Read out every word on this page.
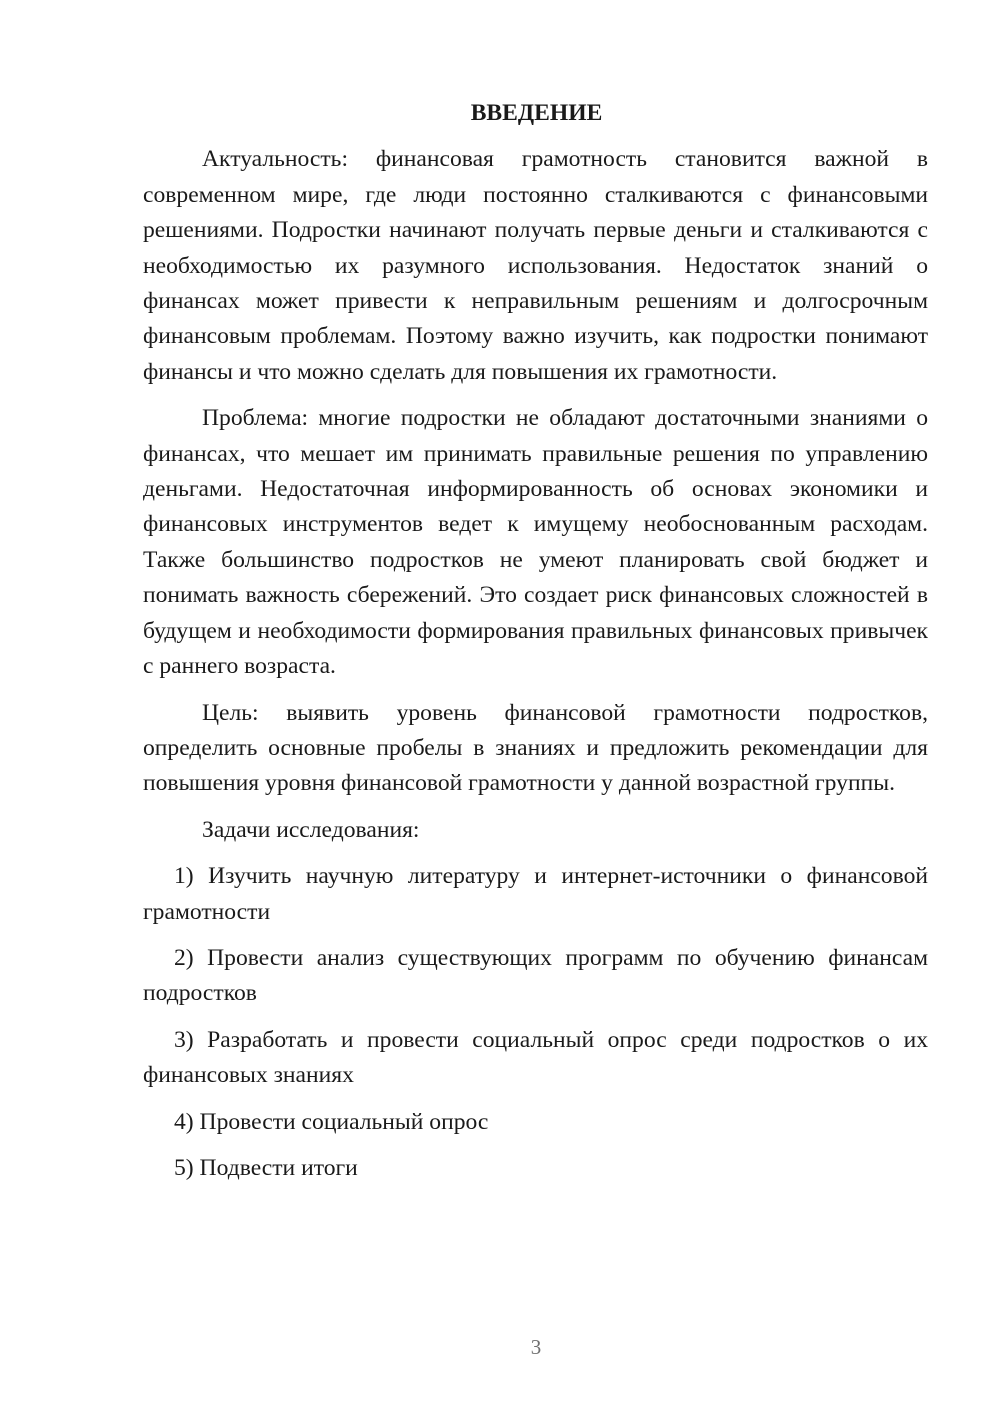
ВВЕДЕНИЕ

Актуальность: финансовая грамотность становится важной в современном мире, где люди постоянно сталкиваются с финансовыми решениями. Подростки начинают получать первые деньги и сталкиваются с необходимостью их разумного использования. Недостаток знаний о финансах может привести к неправильным решениям и долгосрочным финансовым проблемам. Поэтому важно изучить, как подростки понимают финансы и что можно сделать для повышения их грамотности.

Проблема: многие подростки не обладают достаточными знаниями о финансах, что мешает им принимать правильные решения по управлению деньгами. Недостаточная информированность об основах экономики и финансовых инструментов ведет к имущему необоснованным расходам. Также большинство подростков не умеют планировать свой бюджет и понимать важность сбережений. Это создает риск финансовых сложностей в будущем и необходимости формирования правильных финансовых привычек с раннего возраста.

Цель: выявить уровень финансовой грамотности подростков, определить основные пробелы в знаниях и предложить рекомендации для повышения уровня финансовой грамотности у данной возрастной группы.

Задачи исследования:

1) Изучить научную литературу и интернет-источники о финансовой грамотности

2) Провести анализ существующих программ по обучению финансам подростков

3) Разработать и провести социальный опрос среди подростков о их финансовых знаниях

4) Провести социальный опрос

5) Подвести итоги

3
